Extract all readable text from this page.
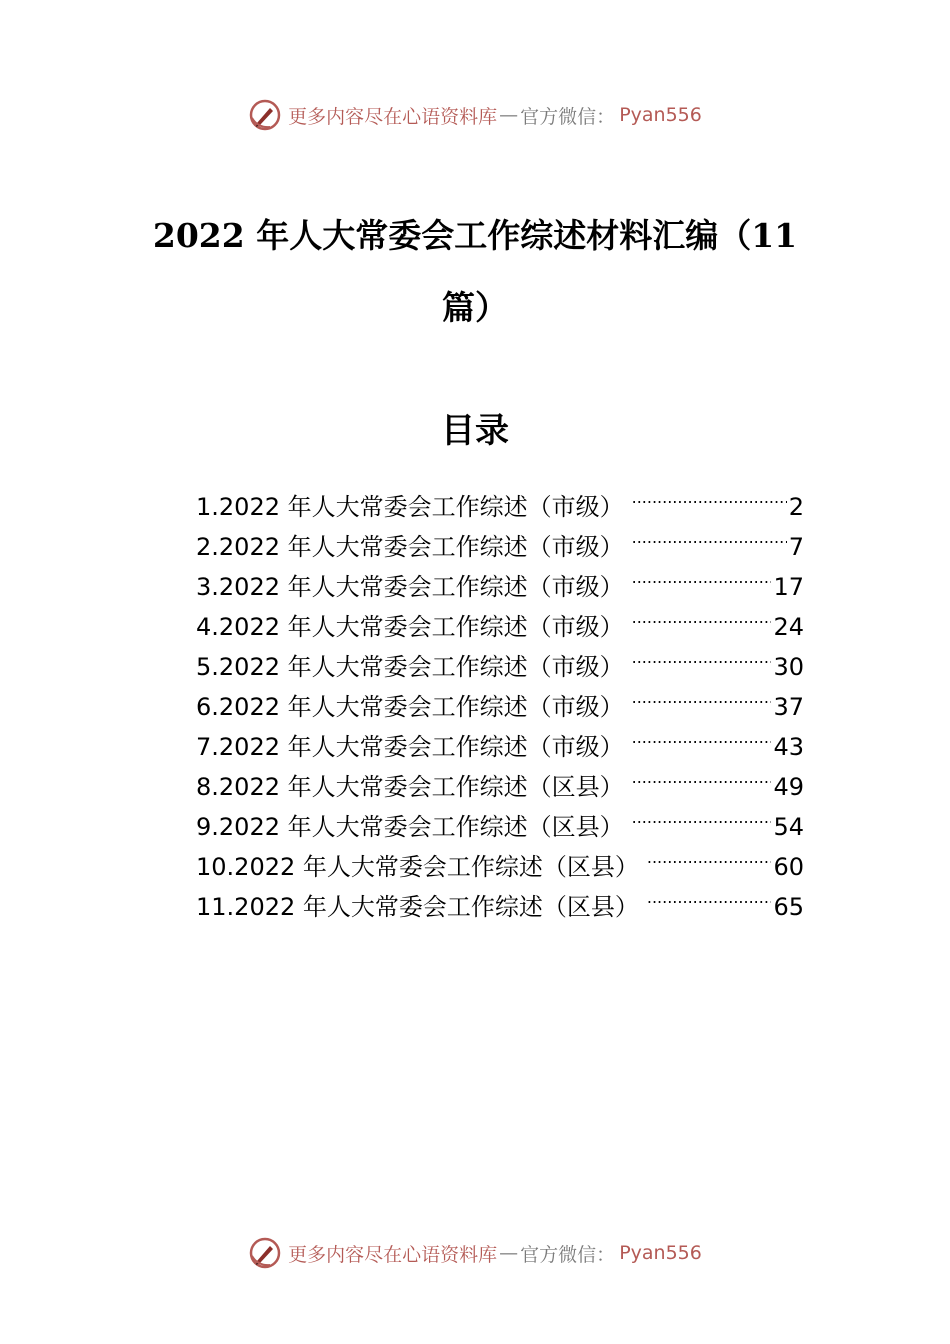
更多内容尽在心语资料库 — 官方微信： Pyan556
2022 年人大常委会工作综述材料汇编（11 篇）
目录
1.2022 年人大常委会工作综述（市级） .....	2
2.2022 年人大常委会工作综述（市级） .....	7
3.2022 年人大常委会工作综述（市级） .....	17
4.2022 年人大常委会工作综述（市级） .....	24
5.2022 年人大常委会工作综述（市级） .....	30
6.2022 年人大常委会工作综述（市级） .....	37
7.2022 年人大常委会工作综述（市级） .....	43
8.2022 年人大常委会工作综述（区县） .....	49
9.2022 年人大常委会工作综述（区县） .....	54
10.2022 年人大常委会工作综述（区县） .....	60
11.2022 年人大常委会工作综述（区县） .....	65
更多内容尽在心语资料库 — 官方微信： Pyan556
